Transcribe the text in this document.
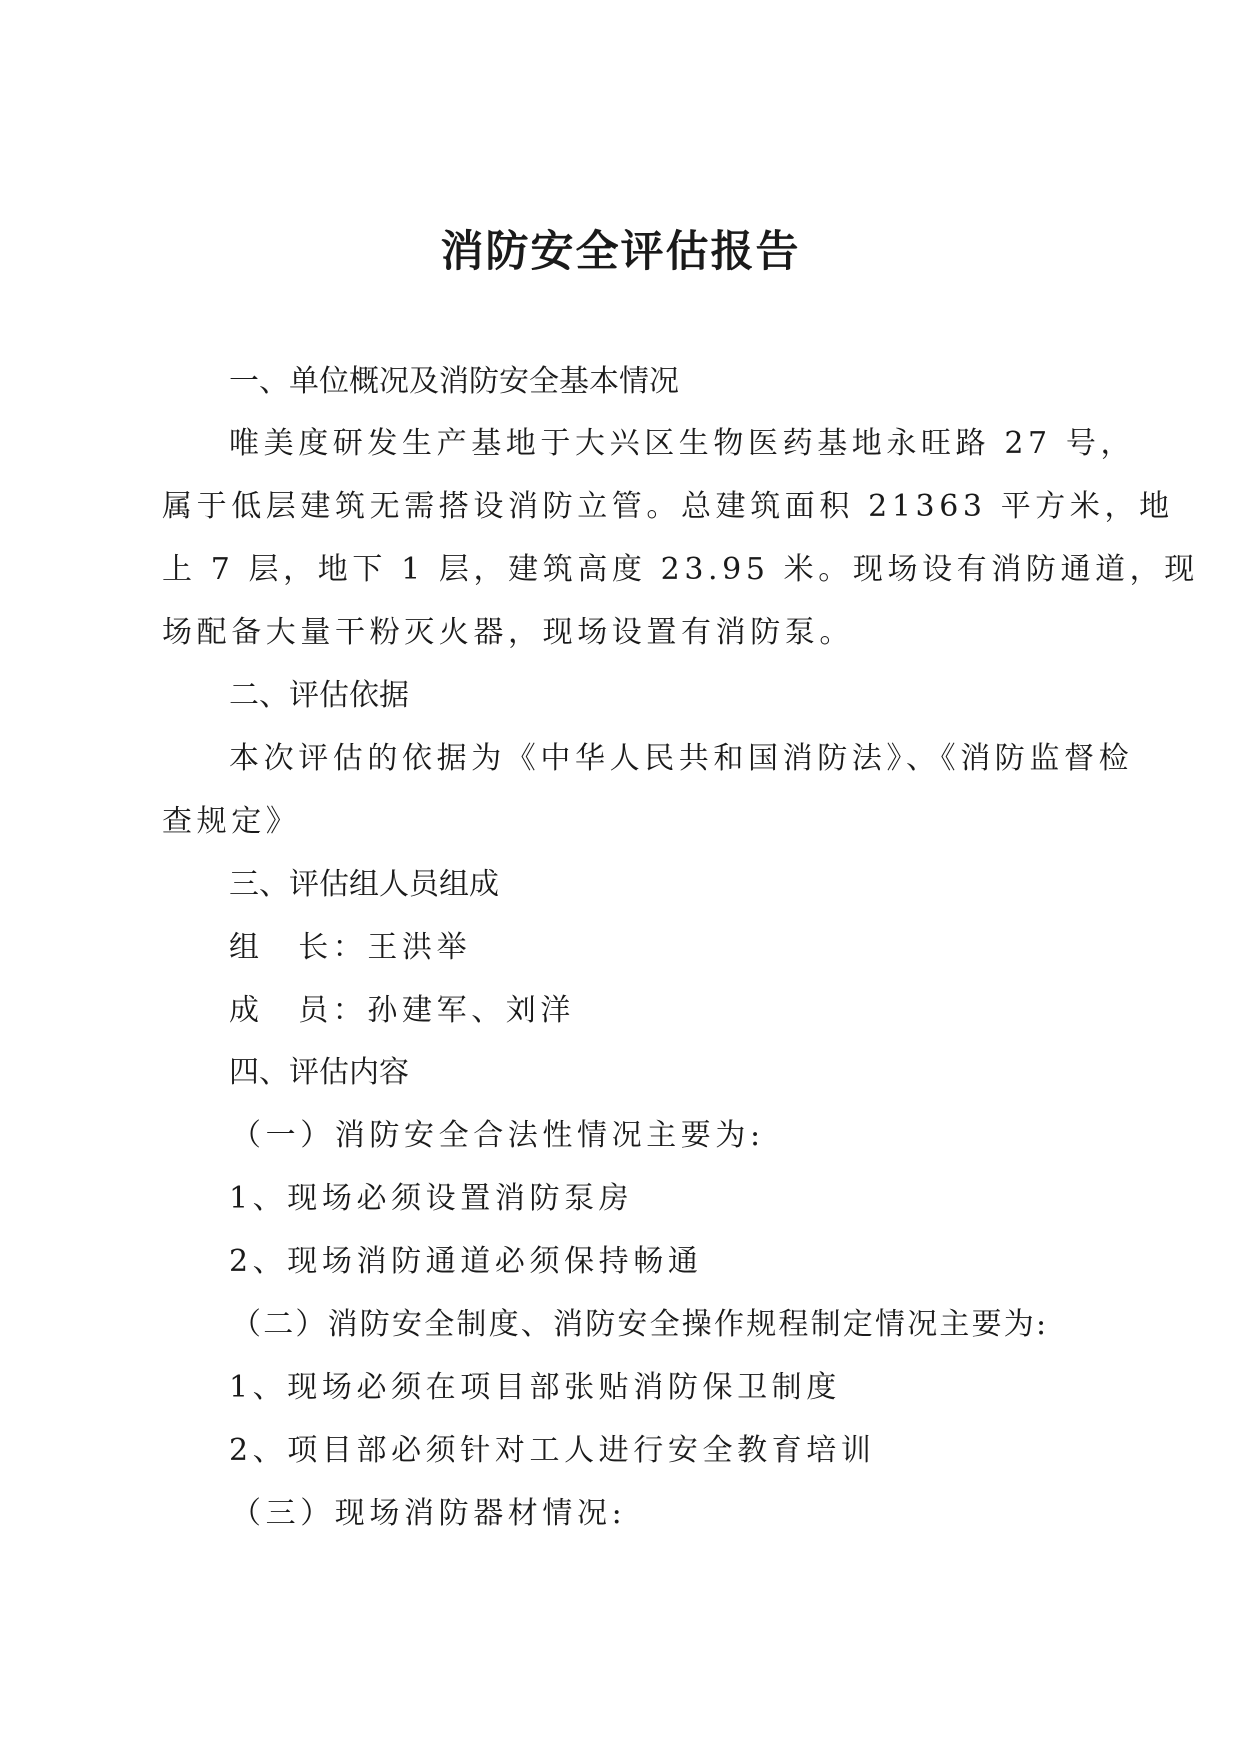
消防安全评估报告
一、单位概况及消防安全基本情况
唯美度研发生产基地于大兴区生物医药基地永旺路 27 号，
属于低层建筑无需搭设消防立管。总建筑面积 21363 平方米，地
上 7 层，地下 1 层，建筑高度 23.95 米。现场设有消防通道，现
场配备大量干粉灭火器，现场设置有消防泵。
二、评估依据
本次评估的依据为《中华人民共和国消防法》、《消防监督检
查规定》
三、评估组人员组成
组　长：王洪举
成　员：孙建军、刘洋
四、评估内容
（一）消防安全合法性情况主要为:
1、现场必须设置消防泵房
2、现场消防通道必须保持畅通
（二）消防安全制度、消防安全操作规程制定情况主要为:
1、现场必须在项目部张贴消防保卫制度
2、项目部必须针对工人进行安全教育培训
（三）现场消防器材情况:
